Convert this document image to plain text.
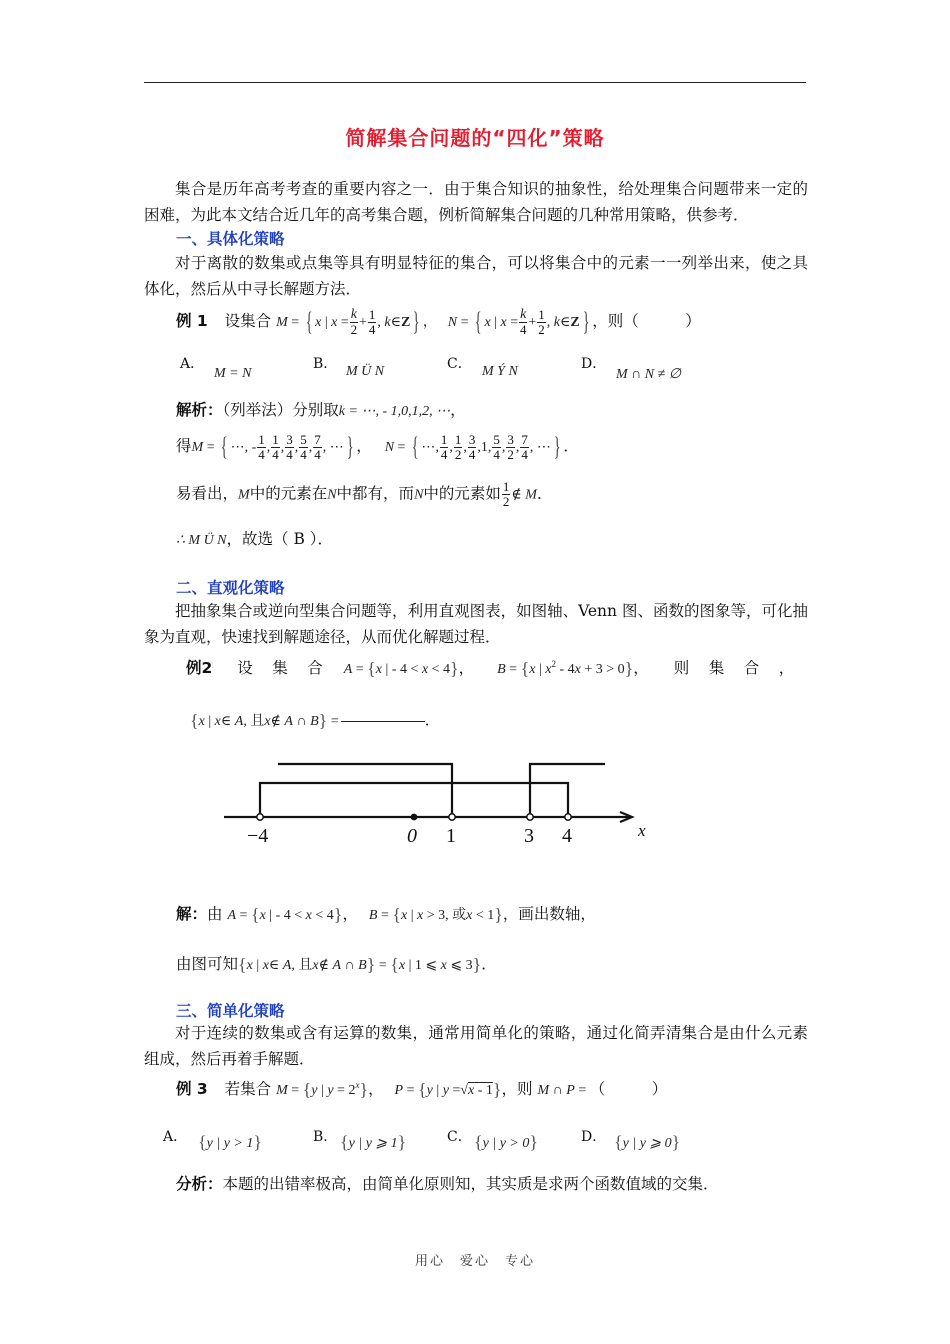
简解集合问题的“四化”策略
集合是历年高考考查的重要内容之一．由于集合知识的抽象性，给处理集合问题带来一定的困难，为此本文结合近几年的高考集合题，例析简解集合问题的几种常用策略，供参考．
一、具体化策略
对于离散的数集或点集等具有明显特征的集合，可以将集合中的元素一一列举出来，使之具体化，然后从中寻长解题方法．
例 1 设集合 M = { x | $x = \frac{k}{2} + \frac{1}{4}$ , k∈Z } ， N = { x | $x = \frac{k}{4} + \frac{1}{2}$ , k∈Z } ，则（　　　）
A．
M = N
B． M Ü N	C． M Ý N	D．
M ∩ N ≠ ∅
解析：（列举法）分别取k = ⋯, - 1,0,1,2, ⋯，
得M = { ⋯, - $\frac{1}{4}$ , $\frac{1}{4}$ , $\frac{3}{4}$ , $\frac{5}{4}$ , $\frac{7}{4}$ , ⋯ } ， N = { ⋯, $\frac{1}{4}$ , $\frac{1}{2}$ , $\frac{3}{4} ,1$, $\frac{5}{4}$ , $\frac{3}{2}$ , $\frac{7}{4}$ , ⋯ } ．
易看出，M中的元素在N中都有，而N中的元素如 $\frac{1}{2}$ ∉ M．
∴ M Ü N，故选（ B ）．
二、直观化策略
把抽象集合或逆向型集合问题等，利用直观图表，如图轴、Venn 图、函数的图象等，可化抽象为直观，快速找到解题途径，从而优化解题过程．
例2 设　集　合 A = {x | - 4 < x < 4}， B = {x | $x^2 - 4x + 3 > 0$}， 则　集　合　，
{x | x∈ A, 且x∉ A ∩ B} =	．
−4	0 1	3 4	x
解：由 A = {x | - 4 < x < 4}， B = {x | x > 3, 或x < 1}，画出数轴，
由图可知{x | x∈ A, 且x∉ A ∩ B} = {x | 1 ⩽ x ⩽ 3}．
三、简单化策略
对于连续的数集或含有运算的数集，通常用简单化的策略，通过化简弄清集合是由什么元素组成，然后再着手解题．
例 3 若集合 M = {y | $y = 2^x$}， P = {y | y =√x - 1}，则 M ∩ P = （　　　）
A． {y | y > 1}	B． {y | y ⩾ 1}	C． {y | y > 0}	D． {y | y ⩾ 0}
分析：本题的出错率极高，由简单化原则知，其实质是求两个函数值域的交集．
用心　爱心　专心
